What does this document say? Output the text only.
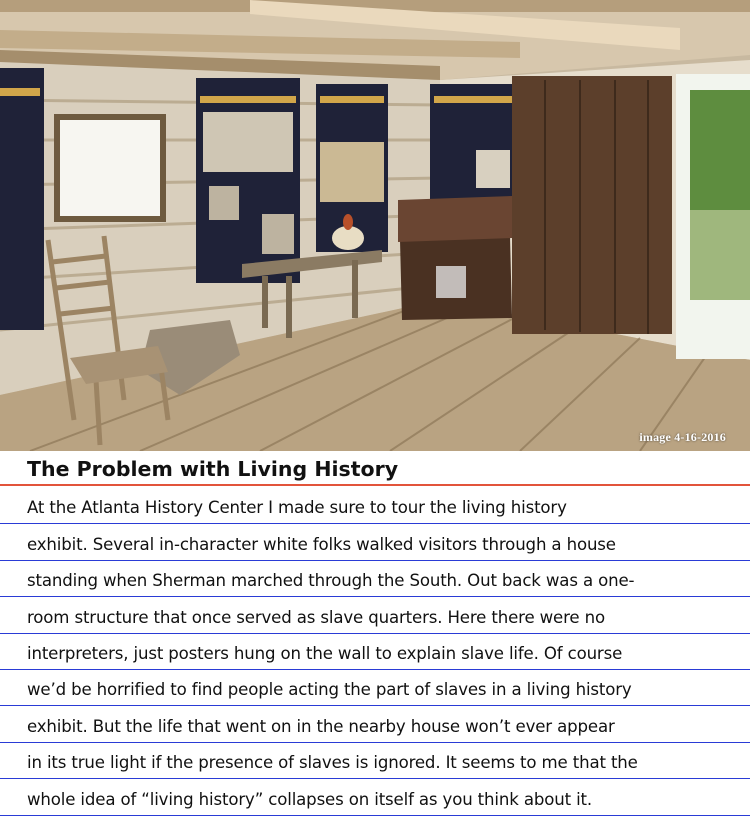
image 4-16-2016
The Problem with Living History
At the Atlanta History Center I made sure to tour the living history
exhibit. Several in-character white folks walked visitors through a house
standing when Sherman marched through the South. Out back was a one-
room structure that once served as slave quarters. Here there were no
interpreters, just posters hung on the wall to explain slave life. Of course
we’d be horrified to find people acting the part of slaves in a living history
exhibit. But the life that went on in the nearby house won’t ever appear
in its true light if the presence of slaves is ignored. It seems to me that the
whole idea of “living history” collapses on itself as you think about it.
